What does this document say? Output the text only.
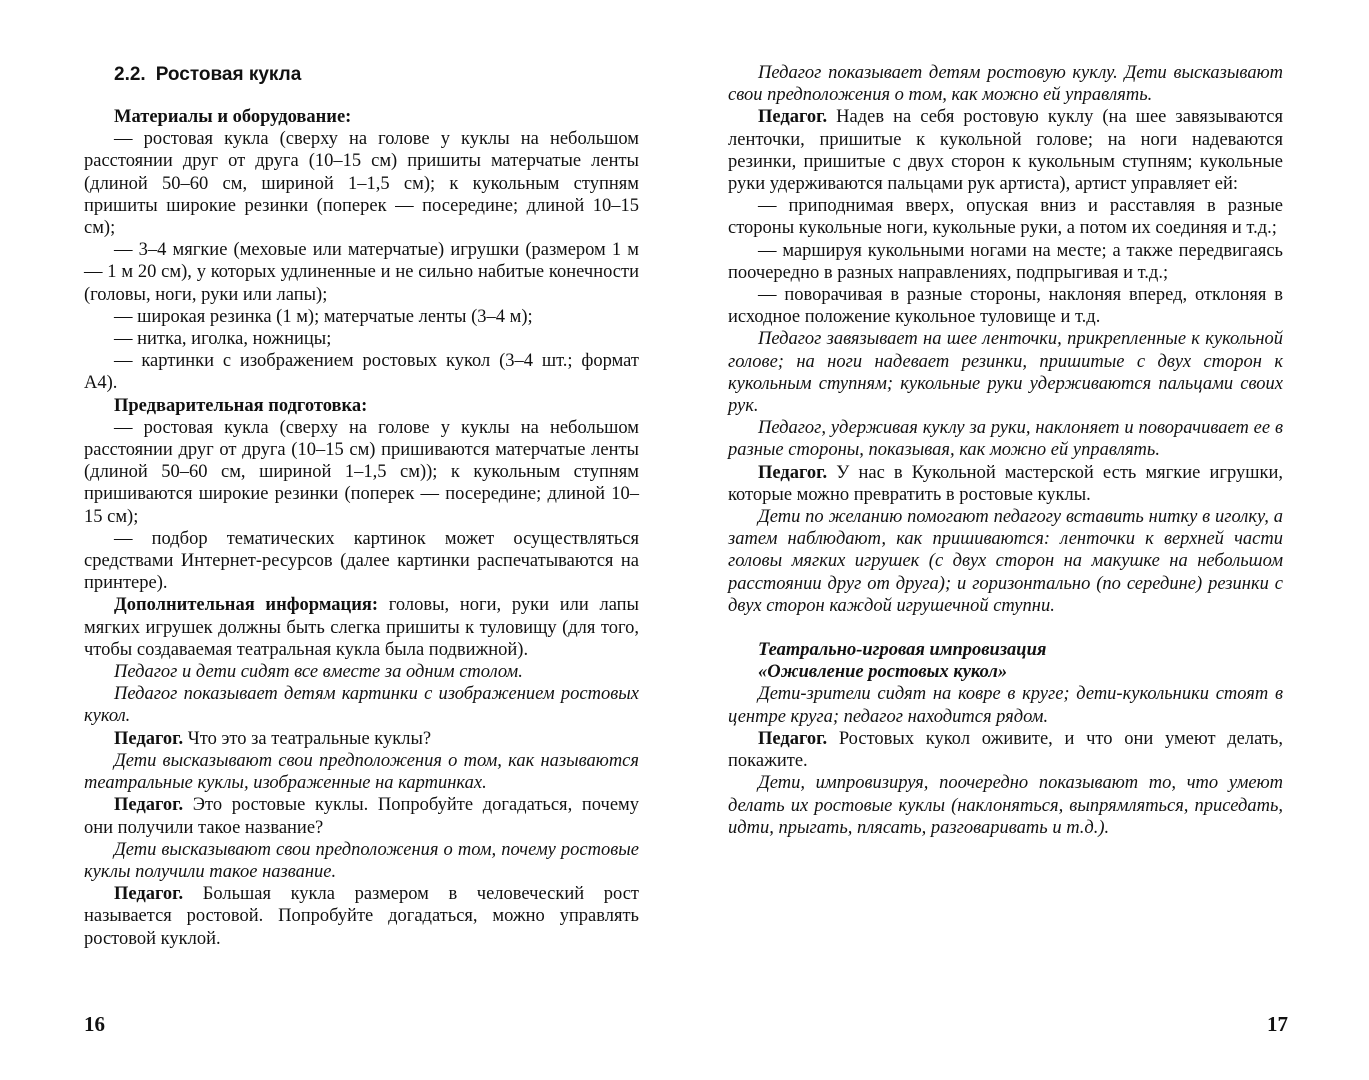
2.2. Ростовая кукла

Материалы и оборудование:

— ростовая кукла (сверху на голове у куклы на небольшом расстоянии друг от друга (10–15 см) пришиты матерчатые ленты (длиной 50–60 см, шириной 1–1,5 см); к кукольным ступням пришиты широкие резинки (поперек — посередине; длиной 10–15 см);

— 3–4 мягкие (меховые или матерчатые) игрушки (размером 1 м — 1 м 20 см), у которых удлиненные и не сильно набитые конечности (головы, ноги, руки или лапы);

— широкая резинка (1 м); матерчатые ленты (3–4 м);

— нитка, иголка, ножницы;

— картинки с изображением ростовых кукол (3–4 шт.; формат А4).

Предварительная подготовка:

— ростовая кукла (сверху на голове у куклы на небольшом расстоянии друг от друга (10–15 см) пришиваются матерчатые ленты (длиной 50–60 см, шириной 1–1,5 см)); к кукольным ступням пришиваются широкие резинки (поперек — посередине; длиной 10–15 см);

— подбор тематических картинок может осуществляться средствами Интернет-ресурсов (далее картинки распечатываются на принтере).

Дополнительная информация: головы, ноги, руки или лапы мягких игрушек должны быть слегка пришиты к туловищу (для того, чтобы создаваемая театральная кукла была подвижной).

Педагог и дети сидят все вместе за одним столом.

Педагог показывает детям картинки с изображением ростовых кукол.

Педагог. Что это за театральные куклы?

Дети высказывают свои предположения о том, как называются театральные куклы, изображенные на картинках.

Педагог. Это ростовые куклы. Попробуйте догадаться, почему они получили такое название?

Дети высказывают свои предположения о том, почему ростовые куклы получили такое название.

Педагог. Большая кукла размером в человеческий рост называется ростовой. Попробуйте догадаться, можно управлять ростовой куклой.

16

Педагог показывает детям ростовую куклу. Дети высказывают свои предположения о том, как можно ей управлять.

Педагог. Надев на себя ростовую куклу (на шее завязываются ленточки, пришитые к кукольной голове; на ноги надеваются резинки, пришитые с двух сторон к кукольным ступням; кукольные руки удерживаются пальцами рук артиста), артист управляет ей:

— приподнимая вверх, опуская вниз и расставляя в разные стороны кукольные ноги, кукольные руки, а потом их соединяя и т.д.;

— маршируя кукольными ногами на месте; а также передвигаясь поочередно в разных направлениях, подпрыгивая и т.д.;

— поворачивая в разные стороны, наклоняя вперед, отклоняя в исходное положение кукольное туловище и т.д.

Педагог завязывает на шее ленточки, прикрепленные к кукольной голове; на ноги надевает резинки, пришитые с двух сторон к кукольным ступням; кукольные руки удерживаются пальцами своих рук.

Педагог, удерживая куклу за руки, наклоняет и поворачивает ее в разные стороны, показывая, как можно ей управлять.

Педагог. У нас в Кукольной мастерской есть мягкие игрушки, которые можно превратить в ростовые куклы.

Дети по желанию помогают педагогу вставить нитку в иголку, а затем наблюдают, как пришиваются: ленточки к верхней части головы мягких игрушек (с двух сторон на макушке на небольшом расстоянии друг от друга); и горизонтально (по середине) резинки с двух сторон каждой игрушечной ступни.

Театрально-игровая импровизация

«Оживление ростовых кукол»

Дети-зрители сидят на ковре в круге; дети-кукольники стоят в центре круга; педагог находится рядом.

Педагог. Ростовых кукол оживите, и что они умеют делать, покажите.

Дети, импровизируя, поочередно показывают то, что умеют делать их ростовые куклы (наклоняться, выпрямляться, приседать, идти, прыгать, плясать, разговаривать и т.д.).

17
